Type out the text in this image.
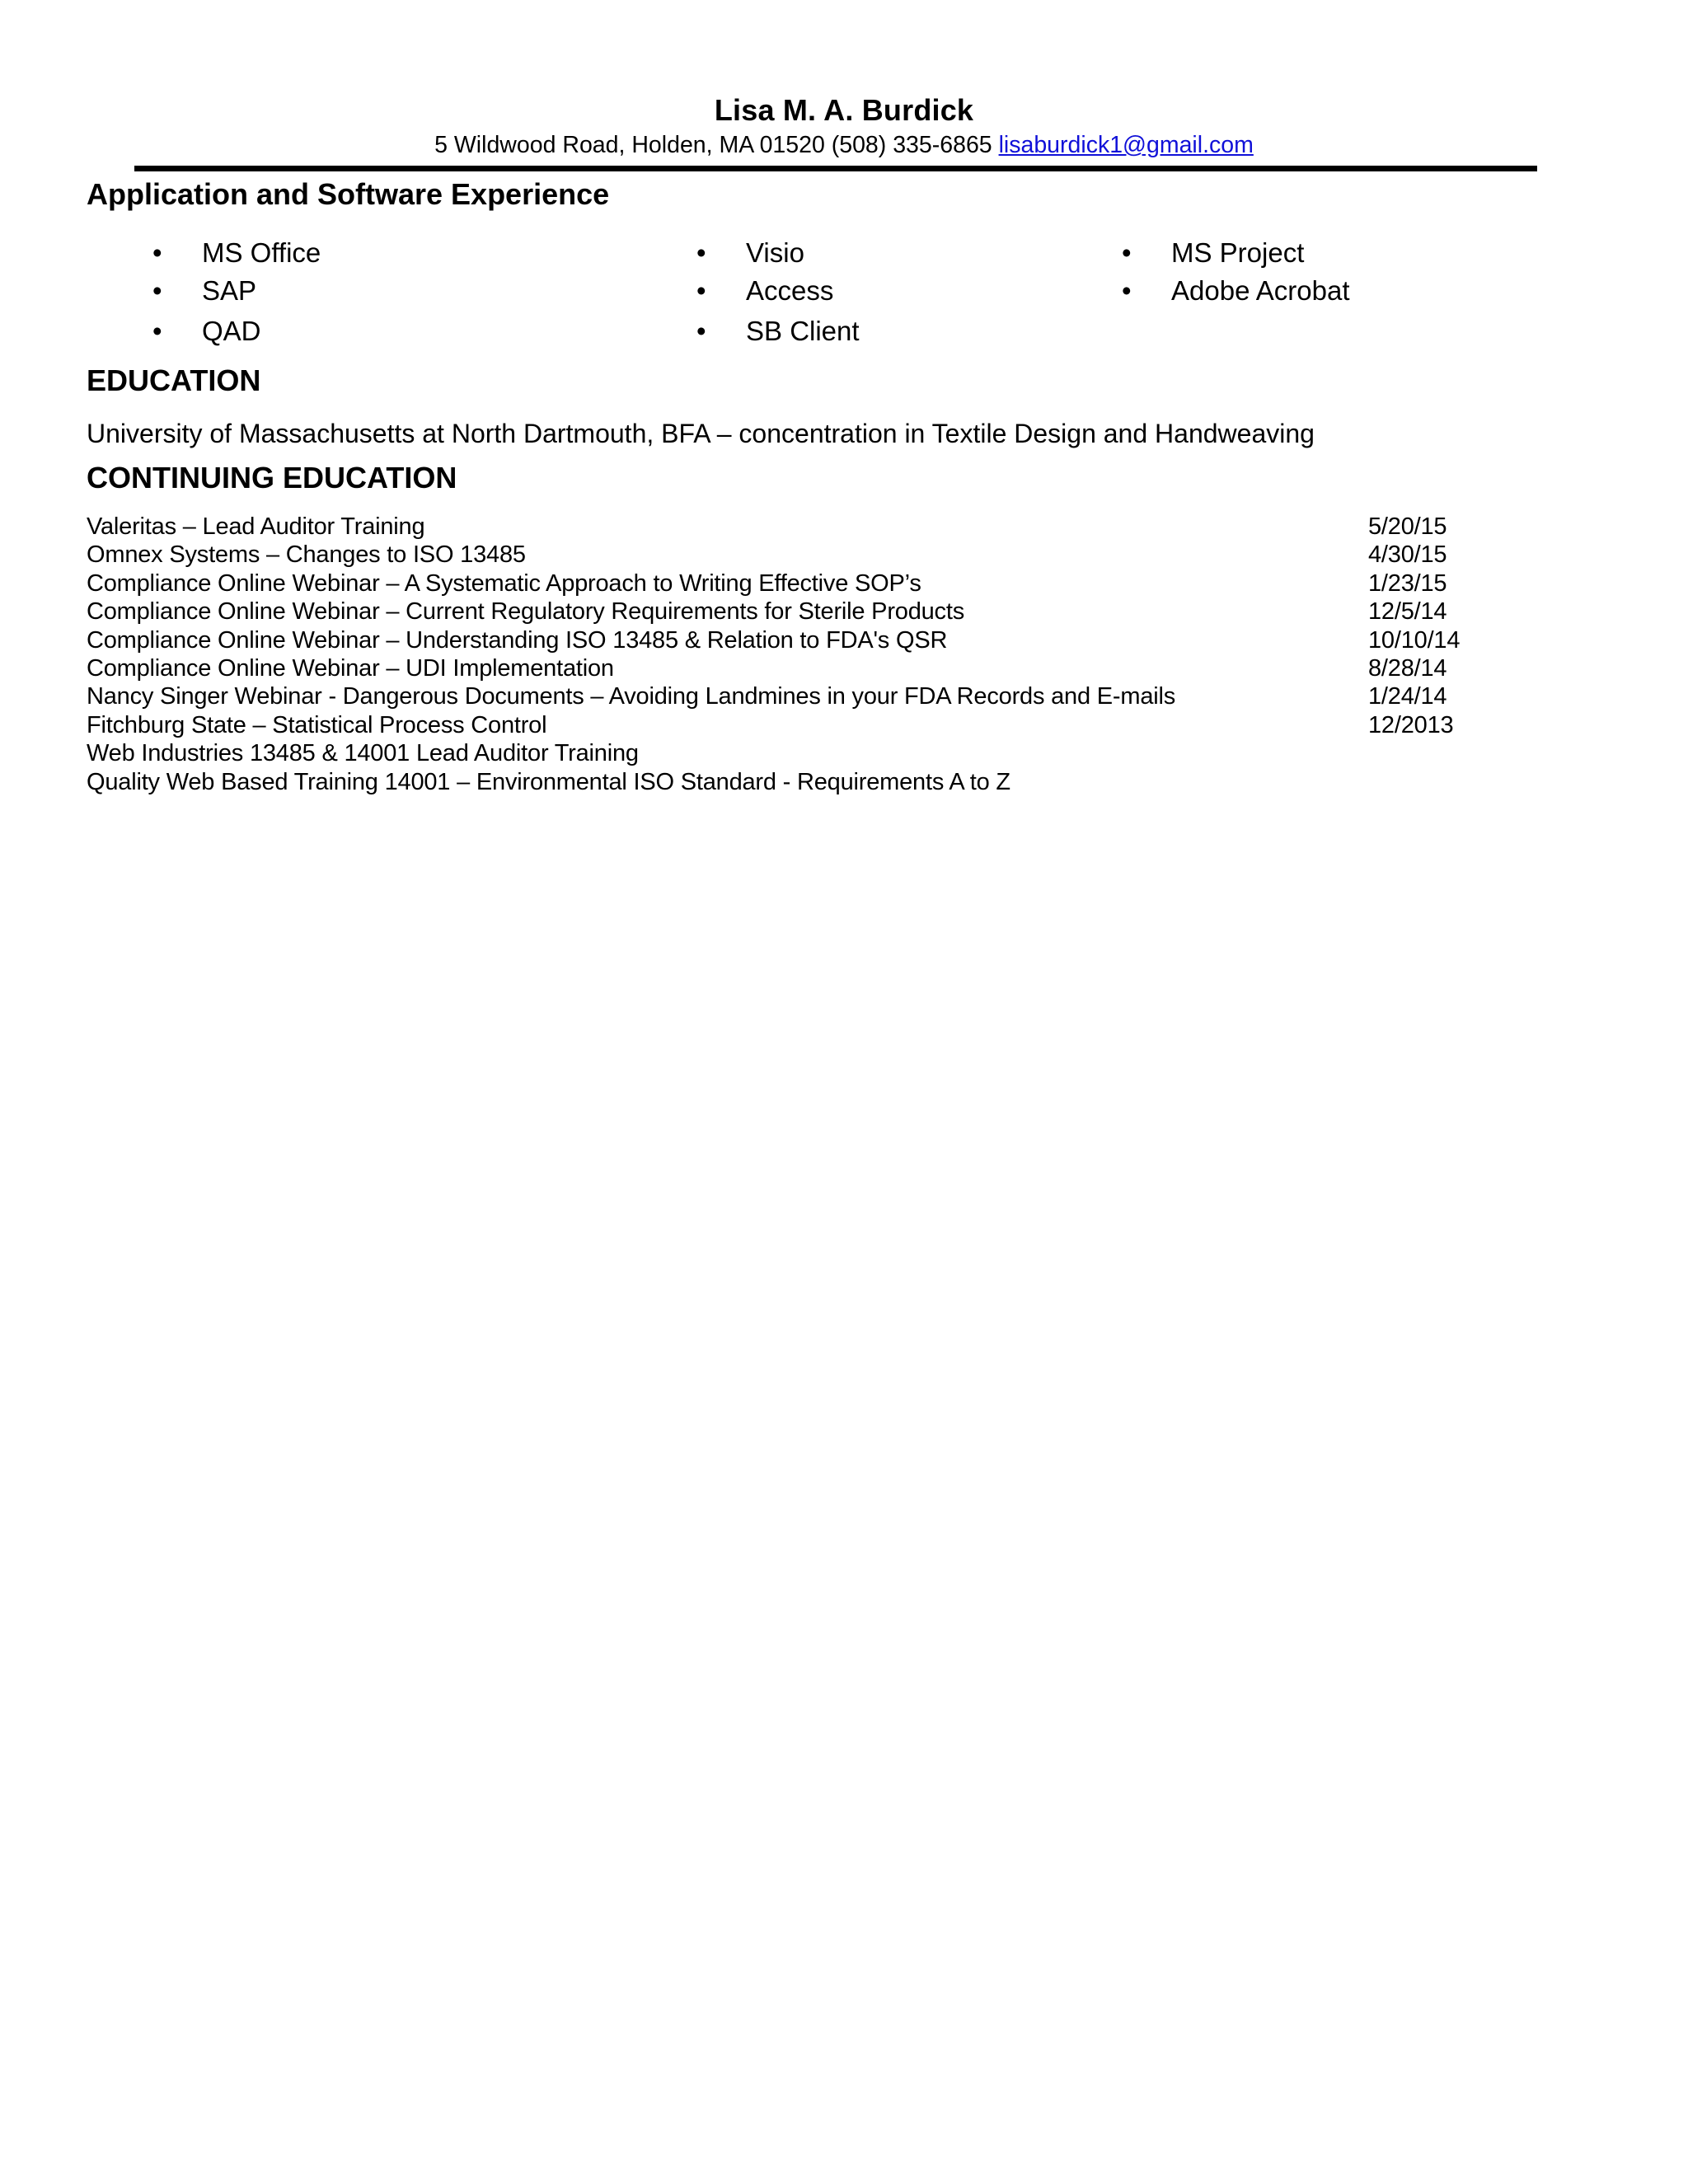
Lisa M. A. Burdick
5 Wildwood Road, Holden, MA 01520 (508) 335-6865 lisaburdick1@gmail.com
Application and Software Experience
• MS Office
• SAP
• QAD
• Visio
• Access
• SB Client
• MS Project
• Adobe Acrobat
EDUCATION
University of Massachusetts at North Dartmouth, BFA – concentration in Textile Design and Handweaving
CONTINUING EDUCATION
Valeritas – Lead Auditor Training	5/20/15
Omnex Systems – Changes to ISO 13485	4/30/15
Compliance Online Webinar – A Systematic Approach to Writing Effective SOP’s	1/23/15
Compliance Online Webinar – Current Regulatory Requirements for Sterile Products	12/5/14
Compliance Online Webinar – Understanding ISO 13485 & Relation to FDA's QSR	10/10/14
Compliance Online Webinar – UDI Implementation	8/28/14
Nancy Singer Webinar - Dangerous Documents – Avoiding Landmines in your FDA Records and E-mails	1/24/14
Fitchburg State – Statistical Process Control	12/2013
Web Industries 13485 & 14001 Lead Auditor Training
Quality Web Based Training 14001 – Environmental ISO Standard - Requirements A to Z
